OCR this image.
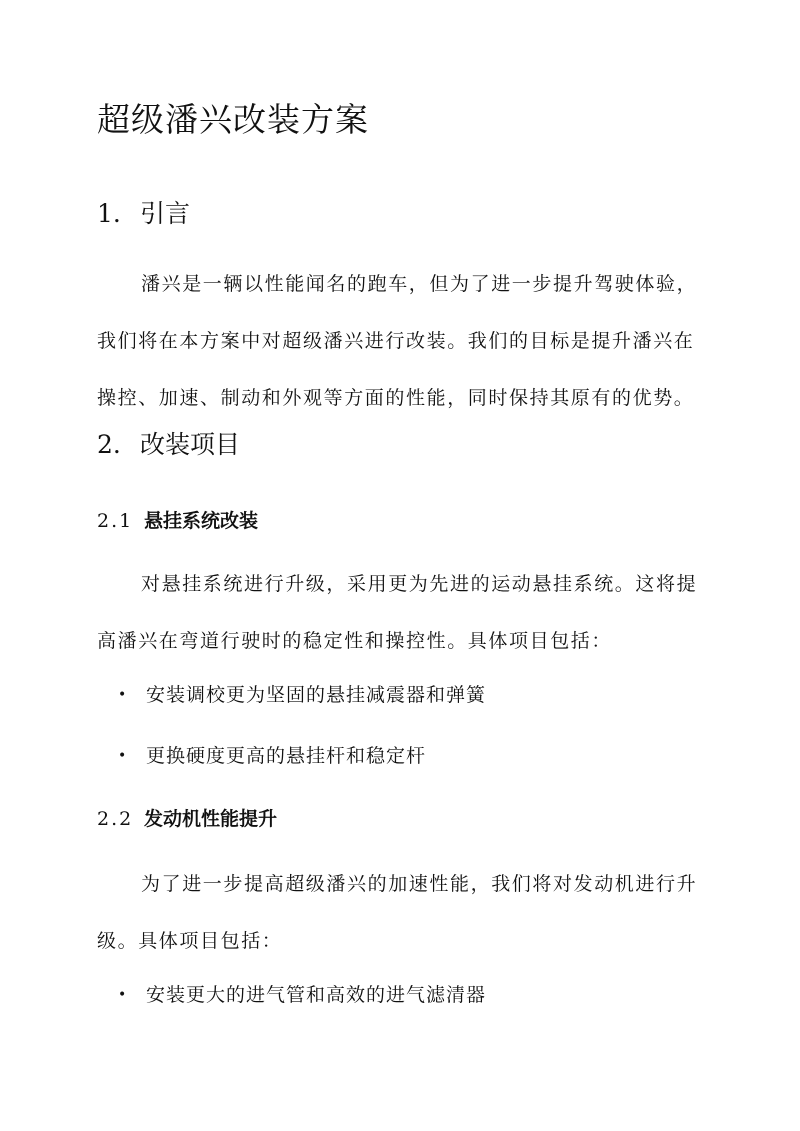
超级潘兴改装方案
1. 引言

潘兴是一辆以性能闻名的跑车，但为了进一步提升驾驶体验，我们将在本方案中对超级潘兴进行改装。我们的目标是提升潘兴在操控、加速、制动和外观等方面的性能，同时保持其原有的优势。

2. 改装项目
2.1 悬挂系统改装

对悬挂系统进行升级，采用更为先进的运动悬挂系统。这将提高潘兴在弯道行驶时的稳定性和操控性。具体项目包括：

• 安装调校更为坚固的悬挂减震器和弹簧

• 更换硬度更高的悬挂杆和稳定杆

2.2 发动机性能提升

为了进一步提高超级潘兴的加速性能，我们将对发动机进行升级。具体项目包括：

• 安装更大的进气管和高效的进气滤清器
